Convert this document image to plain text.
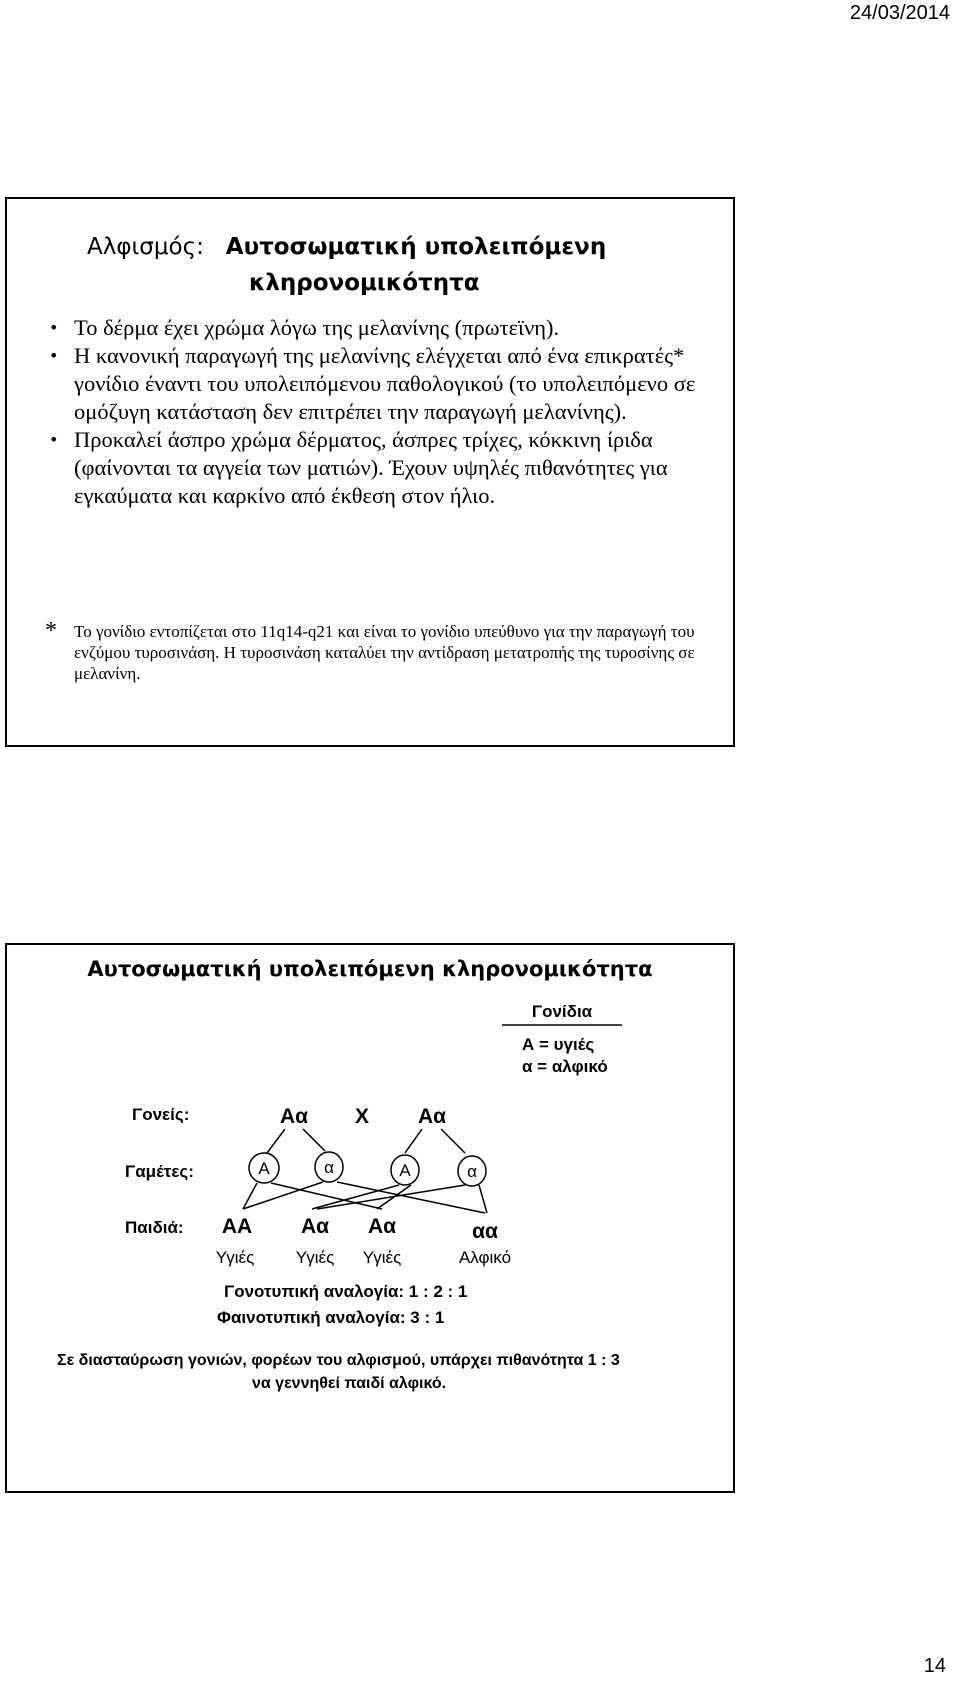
24/03/2014
Αλφισμός: Αυτοσωματική υπολειπόμενη
κληρονομικότητα
• Το δέρμα έχει χρώμα λόγω της μελανίνης (πρωτεϊνη).
• Η κανονική παραγωγή της μελανίνης ελέγχεται από ένα επικρατές* γονίδιο έναντι του υπολειπόμενου παθολογικού (το υπολειπόμενο σε ομόζυγη κατάσταση δεν επιτρέπει την παραγωγή μελανίνης).
• Προκαλεί άσπρο χρώμα δέρματος, άσπρες τρίχες, κόκκινη ίριδα (φαίνονται τα αγγεία των ματιών). Έχουν υψηλές πιθανότητες για εγκαύματα και καρκίνο από έκθεση στον ήλιο.
*	Το γονίδιο εντοπίζεται στο 11q14-q21 και είναι το γονίδιο υπεύθυνο για την παραγωγή του ενζύμου τυροσινάση. Η τυροσινάση καταλύει την αντίδραση μετατροπής της τυροσίνης σε μελανίνη.
Αυτοσωματική υπολειπόμενη κληρονομικότητα
Γονίδια
Α = υγιές
α = αλφικό
Γονείς:
Γαμέτες:
Παιδιά:
Αα Χ Αα
Α	α	Α	α
ΑΑ
Υγιές
Αα
Υγιές
Αα
Υγιές
αα
Αλφικό
Γονοτυπική αναλογία: 1 : 2 : 1
Φαινοτυπική αναλογία: 3 : 1
Σε διασταύρωση γονιών, φορέων του αλφισμού, υπάρχει πιθανότητα 1 : 3
να γεννηθεί παιδί αλφικό.
14
